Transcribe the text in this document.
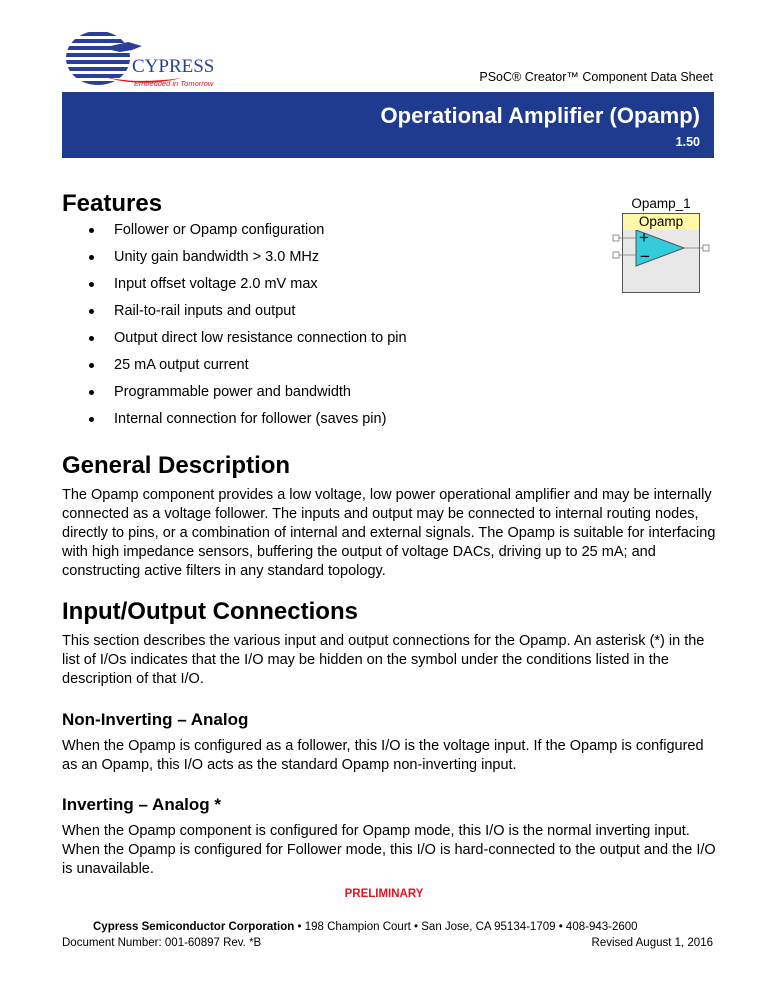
CYPRESS
Embedded in Tomorrow	PSoC® Creator™ Component Data Sheet
Operational Amplifier (Opamp)
1.50
Opamp_1
Opamp
+
−
Features
Follower or Opamp configuration
Unity gain bandwidth > 3.0 MHz
Input offset voltage 2.0 mV max
Rail-to-rail inputs and output
Output direct low resistance connection to pin
25 mA output current
Programmable power and bandwidth
Internal connection for follower (saves pin)
General Description

The Opamp component provides a low voltage, low power operational amplifier and may be internally connected as a voltage follower. The inputs and output may be connected to internal routing nodes, directly to pins, or a combination of internal and external signals. The Opamp is suitable for interfacing with high impedance sensors, buffering the output of voltage DACs, driving up to 25 mA; and constructing active filters in any standard topology.

Input/Output Connections

This section describes the various input and output connections for the Opamp. An asterisk (*) in the list of I/Os indicates that the I/O may be hidden on the symbol under the conditions listed in the description of that I/O.

Non-Inverting – Analog

When the Opamp is configured as a follower, this I/O is the voltage input. If the Opamp is configured as an Opamp, this I/O acts as the standard Opamp non-inverting input.

Inverting – Analog *

When the Opamp component is configured for Opamp mode, this I/O is the normal inverting input. When the Opamp is configured for Follower mode, this I/O is hard-connected to the output and the I/O is unavailable.

PRELIMINARY
Cypress Semiconductor Corporation • 198 Champion Court • San Jose, CA 95134-1709 • 408-943-2600
Document Number: 001-60897 Rev. *B	Revised August 1, 2016
